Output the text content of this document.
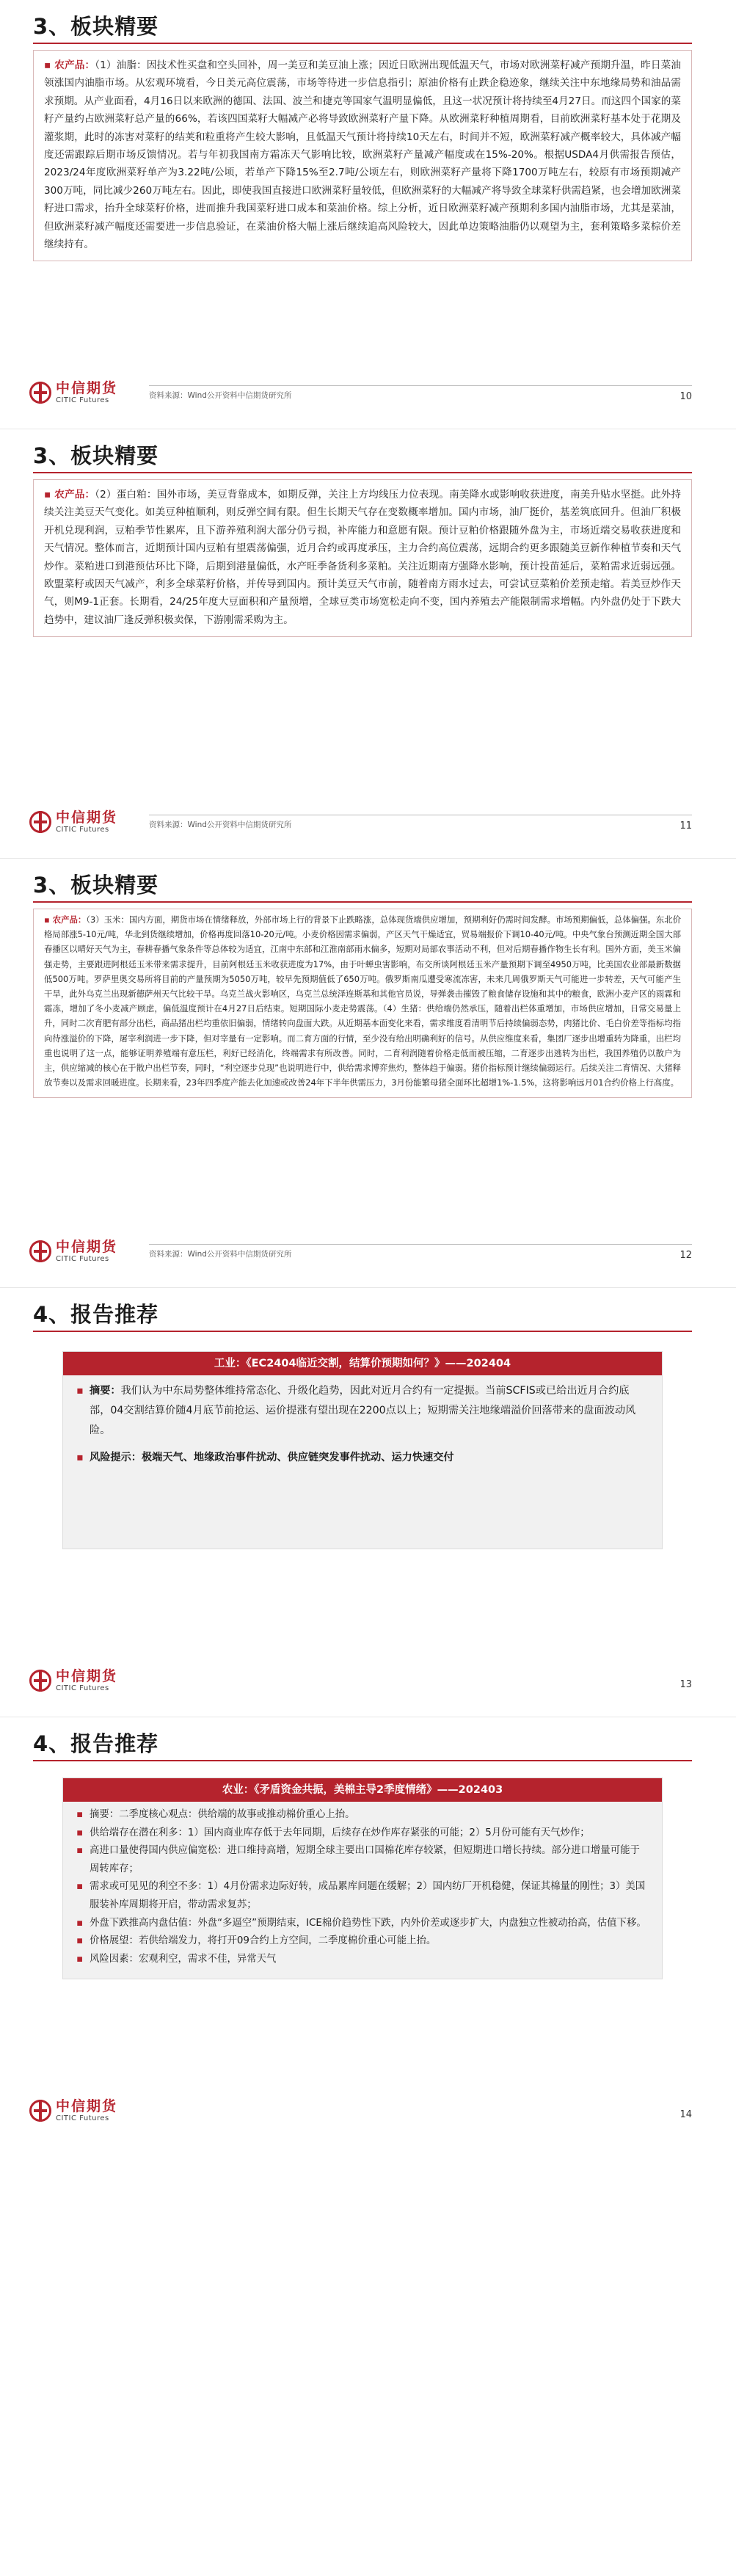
3、板块精要

▪ 农产品：（1）油脂：因技术性买盘和空头回补，周一美豆和美豆油上涨；因近日欧洲出现低温天气，市场对欧洲菜籽减产预期升温，昨日菜油领涨国内油脂市场。从宏观环境看，今日美元高位震荡，市场等待进一步信息指引；原油价格有止跌企稳迹象，继续关注中东地缘局势和油品需求预期。从产业面看，4月16日以来欧洲的德国、法国、波兰和捷克等国家气温明显偏低，且这一状况预计将持续至4月27日。而这四个国家的菜籽产量约占欧洲菜籽总产量的66%，若该四国菜籽大幅减产必将导致欧洲菜籽产量下降。从欧洲菜籽种植周期看，目前欧洲菜籽基本处于花期及灌浆期，此时的冻害对菜籽的结荚和粒重将产生较大影响，且低温天气预计将持续10天左右，时间并不短，欧洲菜籽减产概率较大，具体减产幅度还需跟踪后期市场反馈情况。若与年初我国南方霜冻天气影响比较，欧洲菜籽产量减产幅度或在15%-20%。根据USDA4月供需报告预估，2023/24年度欧洲菜籽单产为3.22吨/公顷，若单产下降15%至2.7吨/公顷左右，则欧洲菜籽产量将下降1700万吨左右，较原有市场预期减产300万吨，同比减少260万吨左右。因此，即使我国直接进口欧洲菜籽量较低，但欧洲菜籽的大幅减产将导致全球菜籽供需趋紧，也会增加欧洲菜籽进口需求，抬升全球菜籽价格，进而推升我国菜籽进口成本和菜油价格。综上分析，近日欧洲菜籽减产预期利多国内油脂市场，尤其是菜油，但欧洲菜籽减产幅度还需要进一步信息验证，在菜油价格大幅上涨后继续追高风险较大，因此单边策略油脂仍以观望为主，套利策略多菜棕价差继续持有。

中信期货
CITIC Futures
资料来源：Wind公开资料中信期货研究所	10
3、板块精要

▪ 农产品：（2）蛋白粕：国外市场，美豆背靠成本，如期反弹，关注上方均线压力位表现。南美降水或影响收获进度，南美升贴水坚挺。此外持续关注美豆天气变化。如美豆种植顺利，则反弹空间有限。但生长期天气存在变数概率增加。国内市场，油厂挺价，基差筑底回升。但油厂积极开机兑现利润，豆粕季节性累库，且下游养殖利润大部分仍亏损，补库能力和意愿有限。预计豆粕价格跟随外盘为主，市场近端交易收获进度和天气情况。整体而言，近期预计国内豆粕有望震荡偏强，近月合约或再度承压，主力合约高位震荡，远期合约更多跟随美豆新作种植节奏和天气炒作。菜粕进口到港预估环比下降，后期到港量偏低，水产旺季备货利多菜粕。关注近期南方强降水影响，预计投苗延后，菜粕需求近弱远强。欧盟菜籽或因天气减产，利多全球菜籽价格，并传导到国内。预计美豆天气市前，随着南方雨水过去，可尝试豆菜粕价差预走缩。若美豆炒作天气，则M9-1正套。长期看，24/25年度大豆面积和产量预增，全球豆类市场宽松走向不变，国内养殖去产能限制需求增幅。内外盘仍处于下跌大趋势中，建议油厂逢反弹积极卖保，下游刚需采购为主。

中信期货
CITIC Futures
资料来源：Wind公开资料中信期货研究所	11
3、板块精要

▪ 农产品：（3）玉米：国内方面，期货市场在情绪释放，外部市场上行的背景下止跌略涨，总体现货端供应增加，预期利好仍需时间发酵。市场预期偏低，总体偏强。东北价格局部涨5-10元/吨，华北到货继续增加，价格再度回落10-20元/吨。小麦价格因需求偏弱，产区天气干燥适宜，贸易端报价下调10-40元/吨。中央气象台预测近期全国大部春播区以晴好天气为主，春耕春播气象条件等总体较为适宜，江南中东部和江淮南部雨水偏多，短期对局部农事活动不利，但对后期春播作物生长有利。国外方面，美玉米偏强走势，主要跟进阿根廷玉米带来需求提升，目前阿根廷玉米收获进度为17%，由于叶蝉虫害影响，布交所谈阿根廷玉米产量预期下调至4950万吨，比美国农业部最新数据低500万吨。罗萨里奥交易所将目前的产量预期为5050万吨，较早先预期值低了650万吨。俄罗斯南瓜遭受寒流冻害，未来几周俄罗斯天气可能进一步转差，天气可能产生干旱，此外乌克兰出现新德萨州天气比较干旱。乌克兰战火影响区，乌克兰总统泽连斯基和其他官员说，导弹袭击摧毁了粮食储存设施和其中的粮食，欧洲小麦产区的雨霖和霜冻，增加了冬小麦减产顾虑，偏低温度预计在4月27日后结束。短期国际小麦走势震荡。（4）生猪：供给端仍然承压，随着出栏体重增加，市场供应增加，日常交易量上升，同时二次育肥有部分出栏，商品猪出栏均重依旧偏弱，情绪转向盘面大跌。从近期基本面变化来看，需求维度看清明节后持续偏弱态势，肉猪比价、毛白价差等指标均指向待涨溢价的下降，屠宰利润进一步下降，但对宰量有一定影响。而二育方面的行情，至少没有给出明确利好的信号。从供应维度来看，集团厂逐步出增重转为降重，出栏均重也说明了这一点，能够证明养殖端有意压栏，利好已经消化，终端需求有所改善。同时，二育利润随着价格走低而被压缩，二育逐步出逃转为出栏，我国养殖仍以散户为主，供应缩减的核心在于散户出栏节奏，同时，“利空逐步兑现”也说明进行中，供给需求博弈焦灼，整体趋于偏弱。猪价指标预计继续偏弱运行。后续关注二育情况、大猪释放节奏以及需求回暖进度。长期来看，23年四季度产能去化加速或改善24年下半年供需压力，3月份能繁母猪全面环比超增1%-1.5%，这将影响远月01合约价格上行高度。

中信期货
CITIC Futures
资料来源：Wind公开资料中信期货研究所	12
4、报告推荐
工业：《EC2404临近交割，结算价预期如何？》——202404
▪ 摘要：我们认为中东局势整体维持常态化、升级化趋势，因此对近月合约有一定提振。当前SCFIS或已给出近月合约底部，04交割结算价随4月底节前抢运、运价提涨有望出现在2200点以上；短期需关注地缘端溢价回落带来的盘面波动风险。
▪ 风险提示：极端天气、地缘政治事件扰动、供应链突发事件扰动、运力快速交付
中信期货
CITIC Futures	13
4、报告推荐
农业：《矛盾资金共振，美棉主导2季度情绪》——202403
▪ 摘要：二季度核心观点：供给端的故事或推动棉价重心上抬。
▪ 供给端存在潜在利多：1）国内商业库存低于去年同期，后续存在炒作库存紧张的可能；2）5月份可能有天气炒作；
▪ 高进口量使得国内供应偏宽松：进口维持高增，短期全球主要出口国棉花库存较紧，但短期进口增长持续。部分进口增量可能于周转库存；
▪ 需求或可见见的利空不多：1）4月份需求边际好转，成品累库问题在缓解；2）国内纺厂开机稳健，保证其棉量的刚性；3）美国服装补库周期将开启，带动需求复苏；
▪ 外盘下跌推高内盘估值：外盘“多逼空”预期结束，ICE棉价趋势性下跌，内外价差或逐步扩大，内盘独立性被动抬高，估值下移。
▪ 价格展望：若供给端发力，将打开09合约上方空间，二季度棉价重心可能上抬。
▪ 风险因素：宏观利空，需求不佳，异常天气
中信期货
CITIC Futures	14
